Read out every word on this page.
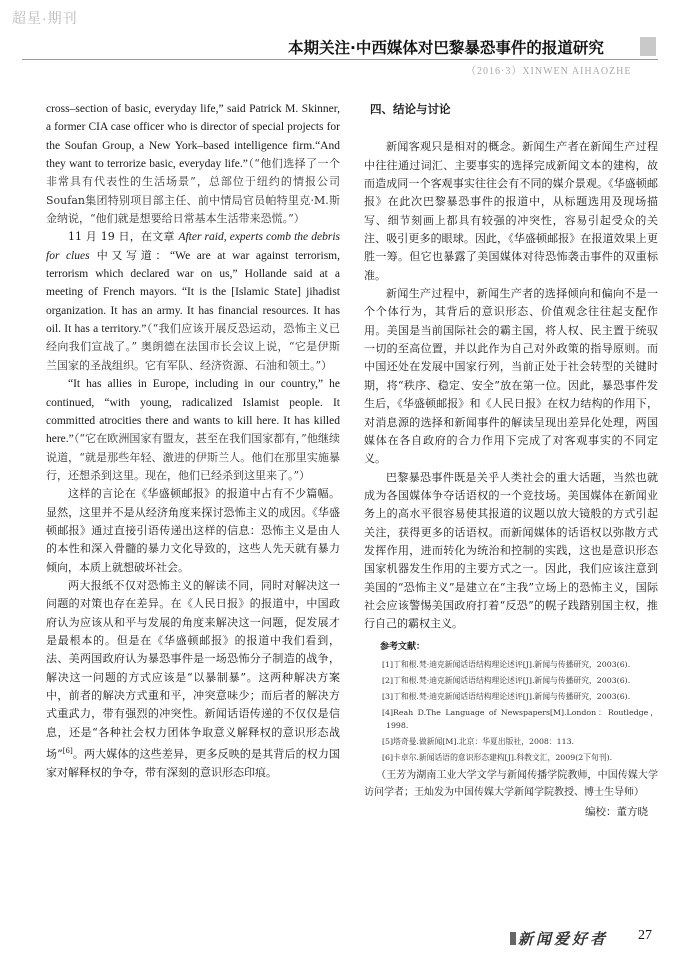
超星·期刊
本期关注·中西媒体对巴黎暴恐事件的报道研究
（2016·3）XINWEN AIHAOZHE

cross–section of basic, everyday life,” said Patrick M. Skinner, a former CIA case officer who is director of special projects for the Soufan Group, a New York–based intelligence firm.“And they want to terrorize basic, everyday life.”（“他们选择了一个非常具有代表性的生活场景”，总部位于纽约的情报公司Soufan集团特别项目部主任、前中情局官员帕特里克·M.斯金纳说，“他们就是想要给日常基本生活带来恐慌。”）

11 月 19 日，在文章 After raid, experts comb the debris for clues 中又写道：“We are at war against terrorism, terrorism which declared war on us,” Hollande said at a meeting of French mayors. “It is the [Islamic State] jihadist organization. It has an army. It has financial resources. It has oil. It has a territory.”（“我们应该开展反恐运动，恐怖主义已经向我们宣战了。” 奥朗德在法国市长会议上说，“它是伊斯兰国家的圣战组织。它有军队、经济资源、石油和领土。”）

“It has allies in Europe, including in our country,” he continued, “with young, radicalized Islamist people. It committed atrocities there and wants to kill here. It has killed here.”（“它在欧洲国家有盟友，甚至在我们国家都有，”他继续说道，“就是那些年轻、激进的伊斯兰人。他们在那里实施暴行，还想杀到这里。现在，他们已经杀到这里来了。”）

这样的言论在《华盛顿邮报》的报道中占有不少篇幅。显然，这里并不是从经济角度来探讨恐怖主义的成因。《华盛顿邮报》通过直接引语传递出这样的信息：恐怖主义是由人的本性和深入骨髓的暴力文化导致的，这些人先天就有暴力倾向，本质上就想破坏社会。

两大报纸不仅对恐怖主义的解读不同，同时对解决这一问题的对策也存在差异。在《人民日报》的报道中，中国政府认为应该从和平与发展的角度来解决这一问题，促发展才是最根本的。但是在《华盛顿邮报》的报道中我们看到，法、美两国政府认为暴恐事件是一场恐怖分子制造的战争，解决这一问题的方式应该是“以暴制暴”。这两种解决方案中，前者的解决方式重和平，冲突意味少；而后者的解决方式重武力，带有强烈的冲突性。新闻话语传递的不仅仅是信息，还是“各种社会权力团体争取意义解释权的意识形态战场”[6]。两大媒体的这些差异，更多反映的是其背后的权力国家对解释权的争夺，带有深刻的意识形态印痕。

四、结论与讨论

新闻客观只是相对的概念。新闻生产者在新闻生产过程中往往通过词汇、主要事实的选择完成新闻文本的建构，故而造成同一个客观事实往往会有不同的媒介景观。《华盛顿邮报》在此次巴黎暴恐事件的报道中，从标题选用及现场描写、细节刻画上都具有较强的冲突性，容易引起受众的关注、吸引更多的眼球。因此，《华盛顿邮报》在报道效果上更胜一筹。但它也暴露了美国媒体对待恐怖袭击事件的双重标准。

新闻生产过程中，新闻生产者的选择倾向和偏向不是一个个体行为，其背后的意识形态、价值观念往往起支配作用。美国是当前国际社会的霸主国，将人权、民主置于统驭一切的至高位置，并以此作为自己对外政策的指导原则。而中国还处在发展中国家行列，当前正处于社会转型的关键时期，将“秩序、稳定、安全”放在第一位。因此，暴恐事件发生后，《华盛顿邮报》和《人民日报》在权力结构的作用下，对消息源的选择和新闻事件的解读呈现出差异化处理，两国媒体在各自政府的合力作用下完成了对客观事实的不同定义。

巴黎暴恐事件既是关乎人类社会的重大话题，当然也就成为各国媒体争夺话语权的一个竞技场。美国媒体在新闻业务上的高水平很容易使其报道的议题以放大镜般的方式引起关注，获得更多的话语权。而新闻媒体的话语权以弥散方式发挥作用，进而转化为统治和控制的实践，这也是意识形态国家机器发生作用的主要方式之一。因此，我们应该注意到美国的“恐怖主义”是建立在“主我”立场上的恐怖主义，国际社会应该警惕美国政府打着“反恐”的幌子践踏别国主权，推行自己的霸权主义。

参考文献：

[1]丁和根.梵·迪克新闻话语结构理论述评[J].新闻与传播研究，2003(6).

[2]丁和根.梵·迪克新闻话语结构理论述评[J].新闻与传播研究，2003(6).

[3]丁和根.梵·迪克新闻话语结构理论述评[J].新闻与传播研究，2003(6).

[4]Reah D.The Language of Newspapers[M].London：Routledge，1998.

[5]塔奇曼.做新闻[M].北京：华夏出版社，2008：113.

[6]卡卓尔.新闻话语的意识形态建构[J].科教文汇，2009(2下旬刊).

（王芳为湖南工业大学文学与新闻传播学院教师，中国传媒大学访问学者；王灿发为中国传媒大学新闻学院教授、博士生导师）

编校：董方晓

新闻爱好者 27
